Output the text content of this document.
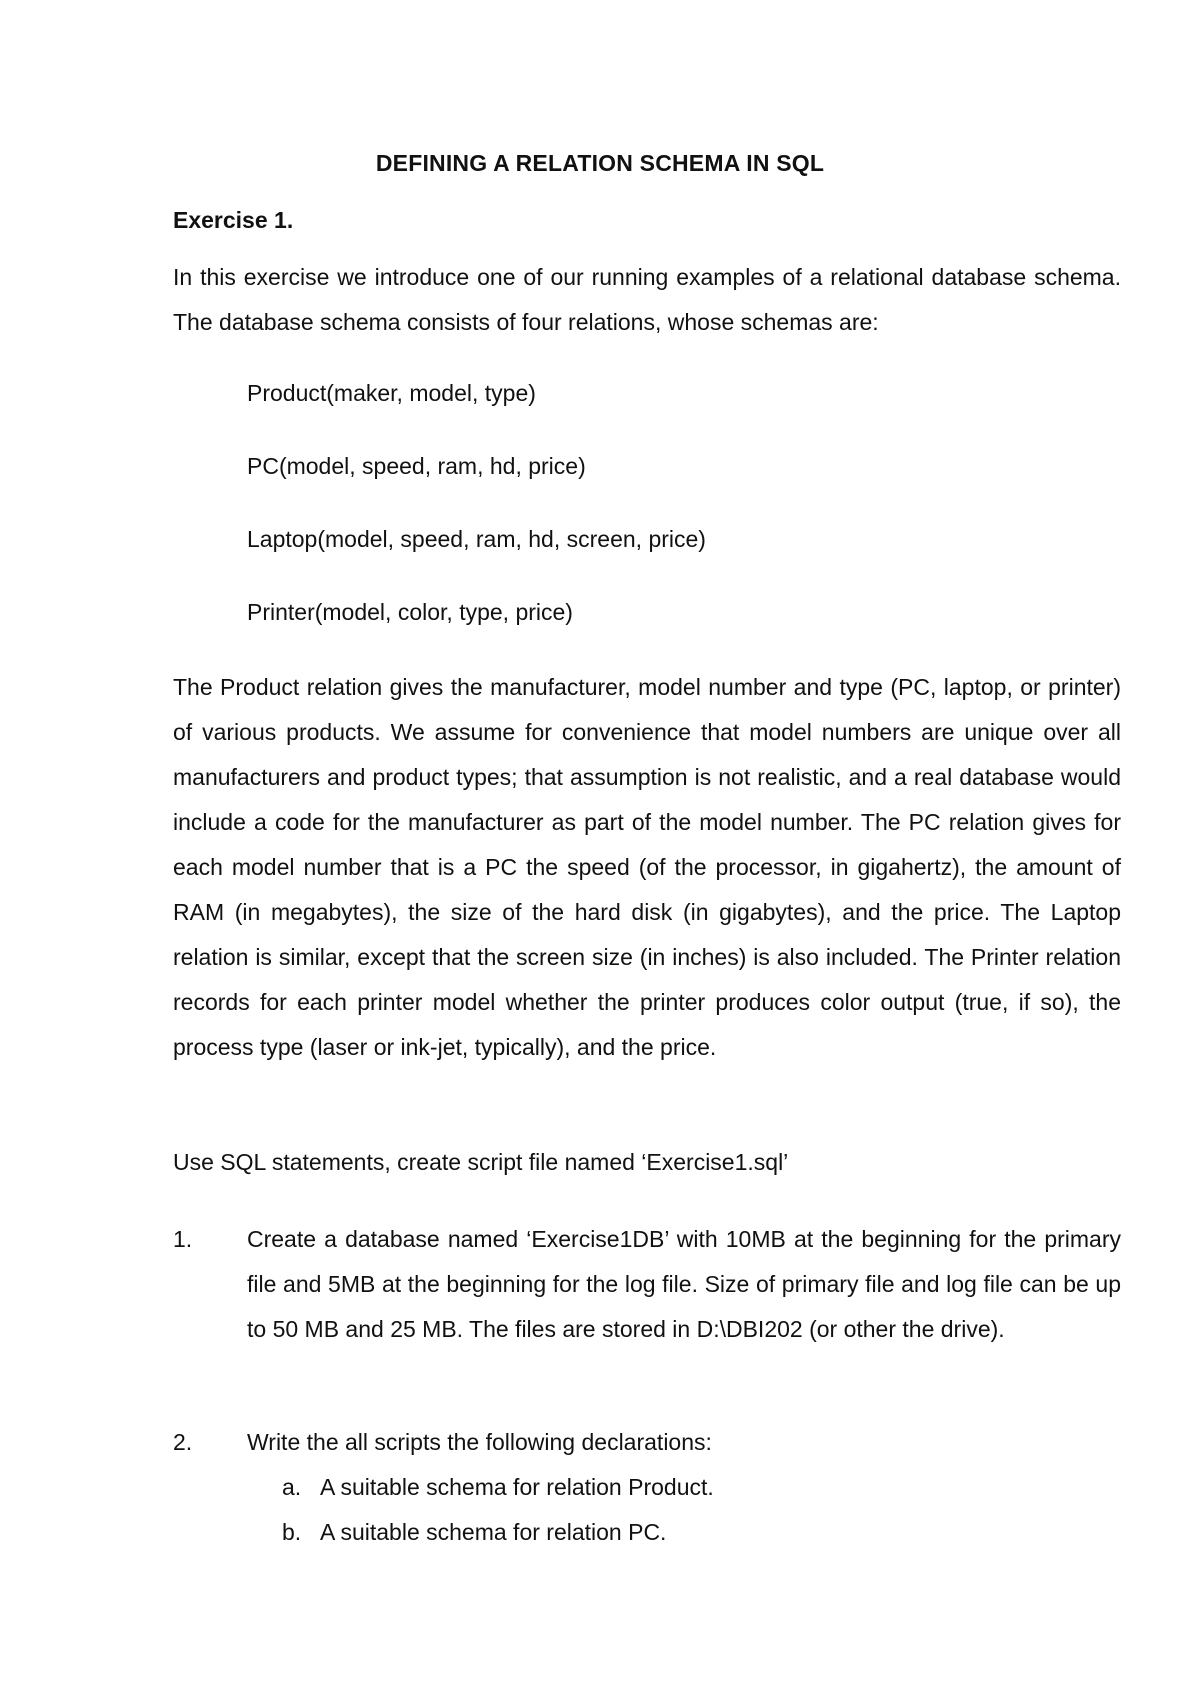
DEFINING A RELATION SCHEMA IN SQL
Exercise 1.
In this exercise we introduce one of our running examples of a relational database schema. The database schema consists of four relations, whose schemas are:
Product(maker, model, type)
PC(model, speed, ram, hd, price)
Laptop(model, speed, ram, hd, screen, price)
Printer(model, color, type, price)
The Product relation gives the manufacturer, model number and type (PC, laptop, or printer) of various products. We assume for convenience that model numbers are unique over all manufacturers and product types; that assumption is not realistic, and a real database would include a code for the manufacturer as part of the model number. The PC relation gives for each model number that is a PC the speed (of the processor, in gigahertz), the amount of RAM (in megabytes), the size of the hard disk (in gigabytes), and the price. The Laptop relation is similar, except that the screen size (in inches) is also included. The Printer relation records for each printer model whether the printer produces color output (true, if so), the process type (laser or ink-jet, typically), and the price.
Use SQL statements, create script file named ‘Exercise1.sql’
1.	Create a database named ‘Exercise1DB’ with 10MB at the beginning for the primary file and 5MB at the beginning for the log file. Size of primary file and log file can be up to 50 MB and 25 MB. The files are stored in D:\DBI202 (or other the drive).
2.	Write the all scripts the following declarations:
a. A suitable schema for relation Product.
b. A suitable schema for relation PC.
